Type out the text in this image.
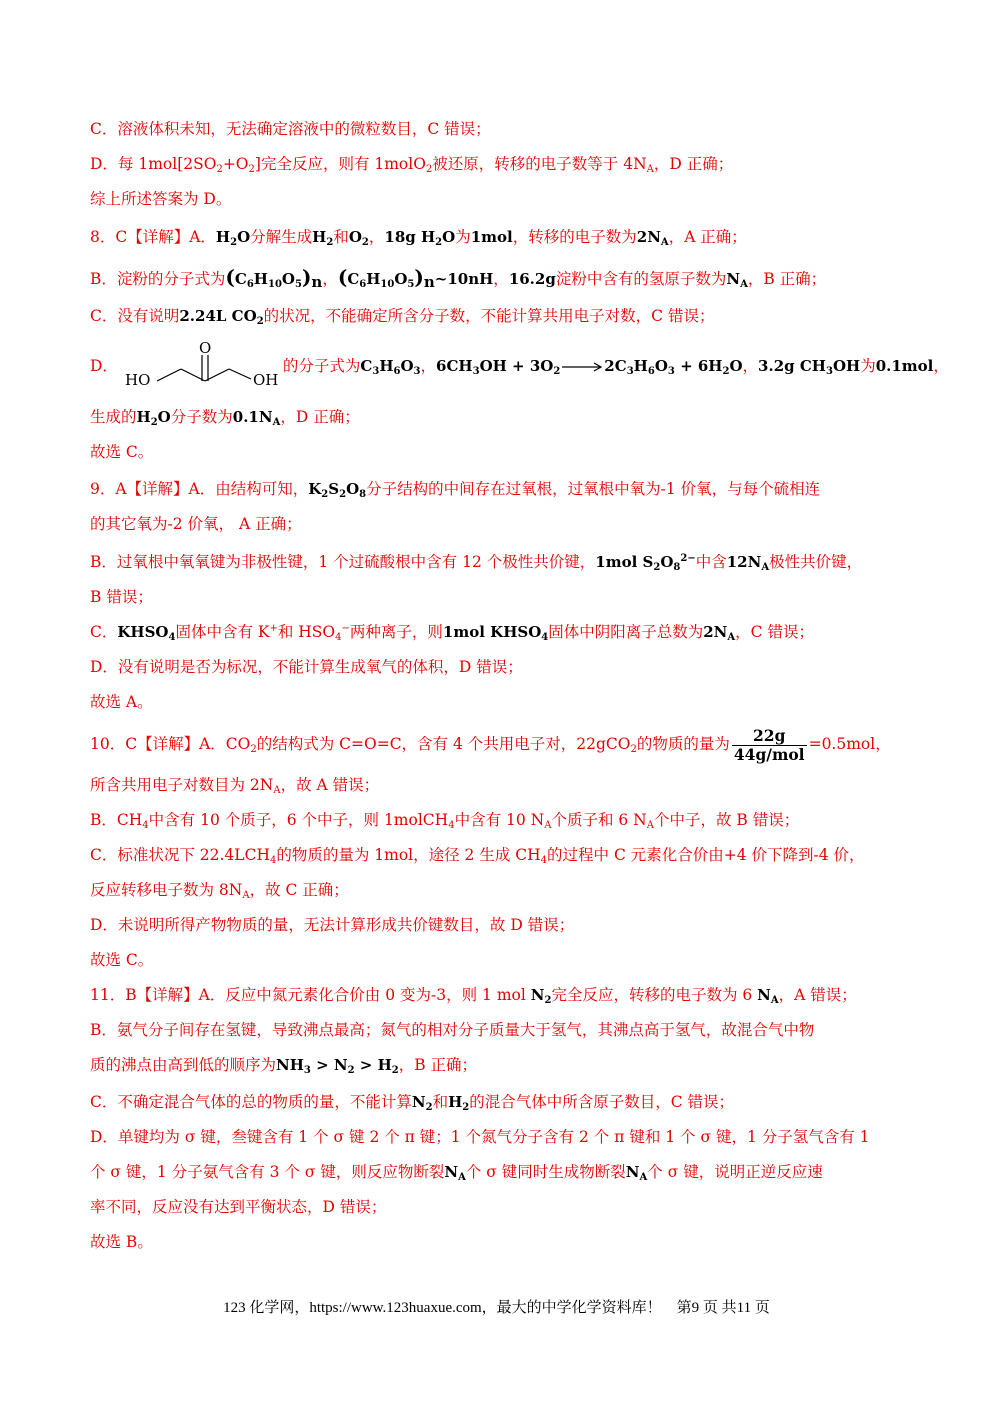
C．溶液体积未知，无法确定溶液中的微粒数目，C 错误；
D．每 $1mol[2SO_2+O_2]$完全反应，则有 1molO$_2$被还原，转移的电子数等于 $4N_A$，D 正确；
综上所述答案为 D。
8．C【详解】A．$H_2O$分解生成$H_2$和$O_2$，18g $H_2O$为1mol，转移的电子数为$2N_A$，A 正确；
B．淀粉的分子式为$(C_6H_{10}O_5)_n$，$(C_6H_{10}O_5)_n\sim 10nH$，16.2g淀粉中含有的氢原子数为$N_A$，B 正确；
C．没有说明2.24L $CO_2$的状况，不能确定所含分子数，不能计算共用电子对数，C 错误；
D．
HO	OH
O
的分子式为$C_3H_6O_3$，$6CH_3OH + 3O_2\to 2C_3H_6O_3 + 6H_2O$，3.2g $CH_3OH$为0.1mol，
生成的$H_2O$分子数为$0.1N_A$，D 正确；
故选 C。
9．A【详解】A．由结构可知，$K_2S_2O_8$分子结构的中间存在过氧根，过氧根中氧为-1 价氧，与每个硫相连
的其它氧为-2 价氧， A 正确；
B．过氧根中氧氧键为非极性键，1 个过硫酸根中含有 12 个极性共价键，1mol $S_2O_8^{2-}$中含$12N_A$极性共价键，
B 错误；
C．$KHSO_4$固体中含有 K+和 $HSO_4^-$两种离子，则1mol $KHSO_4$固体中阴阳离子总数为$2N_A$，C 错误；
D．没有说明是否为标况，不能计算生成氧气的体积，D 错误；
故选 A。
10．C【详解】A．$CO_2$的结构式为 C=O=C，含有 4 个共用电子对，22gCO$_2$的物质的量为 $\frac{22g}{\text{44g/mol}} =0.5mol$，
所含共用电子对数目为 $2N_A$，故 A 错误；
B．$CH_4$中含有 10 个质子，6 个中子，则 1molCH$_4$中含有 10 $N_A$个质子和 6 $N_A$个中子，故 B 错误；
C．标准状况下 $22.4LCH_4$的物质的量为 1mol，途径 2 生成 $CH_4$的过程中 C 元素化合价由+4 价下降到-4 价，
反应转移电子数为 $8N_A$，故 C 正确；
D．未说明所得产物物质的量，无法计算形成共价键数目，故 D 错误；
故选 C。
11．B【详解】A．反应中氮元素化合价由 0 变为-3，则 1 mol $N_2$完全反应，转移的电子数为 6 $N_A$，A 错误；
B．氨气分子间存在氢键，导致沸点最高；氮气的相对分子质量大于氢气，其沸点高于氢气，故混合气中物
质的沸点由高到低的顺序为$NH_3 > N_2 > H_2$，B 正确；
C．不确定混合气体的总的物质的量，不能计算$N_2$和$H_2$的混合气体中所含原子数目，C 错误；
D．单键均为 σ 键，叁键含有 1 个 σ 键 2 个 π 键；1 个氮气分子含有 2 个 π 键和 1 个 σ 键，1 分子氢气含有 1
个 σ 键，1 分子氨气含有 3 个 σ 键，则反应物断裂$N_A$个 σ 键同时生成物断裂$N_A$个 σ 键，说明正逆反应速
率不同，反应没有达到平衡状态，D 错误；
故选 B。
123 化学网，https://www.123huaxue.com，最大的中学化学资料库！　第9 页 共11 页
